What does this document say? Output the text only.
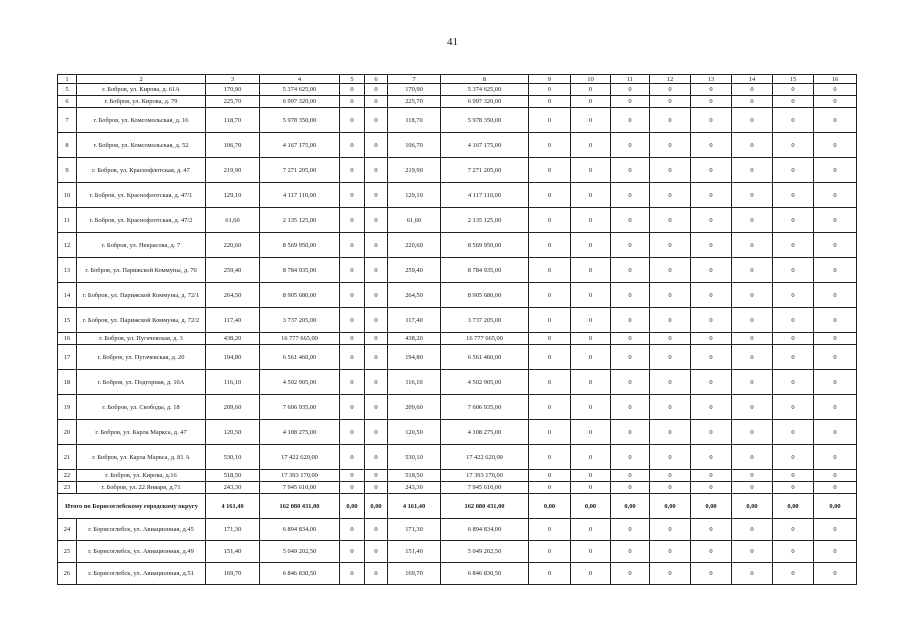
41
1	2	3	4	5	6	7	8	9	10	11	12	13	14	15	16
5	г. Бобров, ул. Кирова, д. 61А	170,90	5 374 625,00	0	0	170,90	5 374 625,00	0	0	0	0	0	0	0	0
6	г. Бобров, ул. Кирова, д. 79	225,70	6 997 320,00	0	0	225,70	6 997 320,00	0	0	0	0	0	0	0	0
7	г. Бобров, ул. Комсомольская, д. 16	118,70	5 978 350,00	0	0	118,70	5 978 350,00	0	0	0	0	0	0	0	0
8	г. Бобров, ул. Комсомольская, д. 52	106,70	4 167 175,00	0	0	106,70	4 167 175,00	0	0	0	0	0	0	0	0
9	г. Бобров, ул. Краснофлотская, д. 47	219,90	7 271 205,00	0	0	219,90	7 271 205,00	0	0	0	0	0	0	0	0
10	г. Бобров, ул. Краснофлотская, д. 47/1	129,10	4 117 110,00	0	0	129,10	4 117 110,00	0	0	0	0	0	0	0	0
11	г. Бобров, ул. Краснофлотская, д. 47/2	61,60	2 135 125,00	0	0	61,60	2 135 125,00	0	0	0	0	0	0	0	0
12	г. Бобров, ул. Некрасова, д. 7	220,60	8 569 950,00	0	0	220,60	8 569 950,00	0	0	0	0	0	0	0	0
13	г. Бобров, ул. Парижской Коммуны, д. 70	259,40	8 784 935,00	0	0	259,40	8 784 935,00	0	0	0	0	0	0	0	0
14	г. Бобров, ул. Парижской Коммуны, д. 72/1	264,50	8 905 680,00	0	0	264,50	8 905 680,00	0	0	0	0	0	0	0	0
15	г. Бобров, ул. Парижской Коммуны, д. 72/2	117,40	3 737 205,00	0	0	117,40	3 737 205,00	0	0	0	0	0	0	0	0
16	г. Бобров, ул. Пугачевская, д. 3	438,20	16 777 665,00	0	0	438,20	16 777 665,00	0	0	0	0	0	0	0	0
17	г. Бобров, ул. Пугачевская, д. 20	194,80	6 561 460,00	0	0	194,80	6 561 460,00	0	0	0	0	0	0	0	0
18	г. Бобров, ул. Подгорная, д. 10А	116,10	4 502 905,00	0	0	116,10	4 502 905,00	0	0	0	0	0	0	0	0
19	г. Бобров, ул. Свободы, д. 18	209,60	7 606 935,00	0	0	209,60	7 606 935,00	0	0	0	0	0	0	0	0
20	г. Бобров, ул. Карла Маркса, д. 47	120,50	4 108 275,00	0	0	120,50	4 108 275,00	0	0	0	0	0	0	0	0
21	г. Бобров, ул. Карла Маркса, д. 81 А	530,10	17 422 620,00	0	0	530,10	17 422 620,00	0	0	0	0	0	0	0	0
22	г. Бобров, ул. Кирова, д.16	518,50	17 393 170,00	0	0	518,50	17 393 170,00	0	0	0	0	0	0	0	0
23	г. Бобров, ул. 22 Января, д.71	243,30	7 945 610,00	0	0	243,30	7 945 610,00	0	0	0	0	0	0	0	0
Итого по Борисоглебскому городскому округу		4 161,40	162 080 431,00	0,00	0,00	4 161,40	162 080 431,00	0,00	0,00	0,00	0,00	0,00	0,00	0,00	0,00
24	г. Борисоглебск, ул. Авиационная, д.45	171,30	6 894 834,00	0	0	171,30	6 894 834,00	0	0	0	0	0	0	0	0
25	г. Борисоглебск, ул. Авиационная, д.49	151,40	5 049 202,50	0	0	151,40	5 049 202,50	0	0	0	0	0	0	0	0
26	г. Борисоглебск, ул. Авиационная, д.51	169,70	6 846 830,50	0	0	169,70	6 846 830,50	0	0	0	0	0	0	0	0
